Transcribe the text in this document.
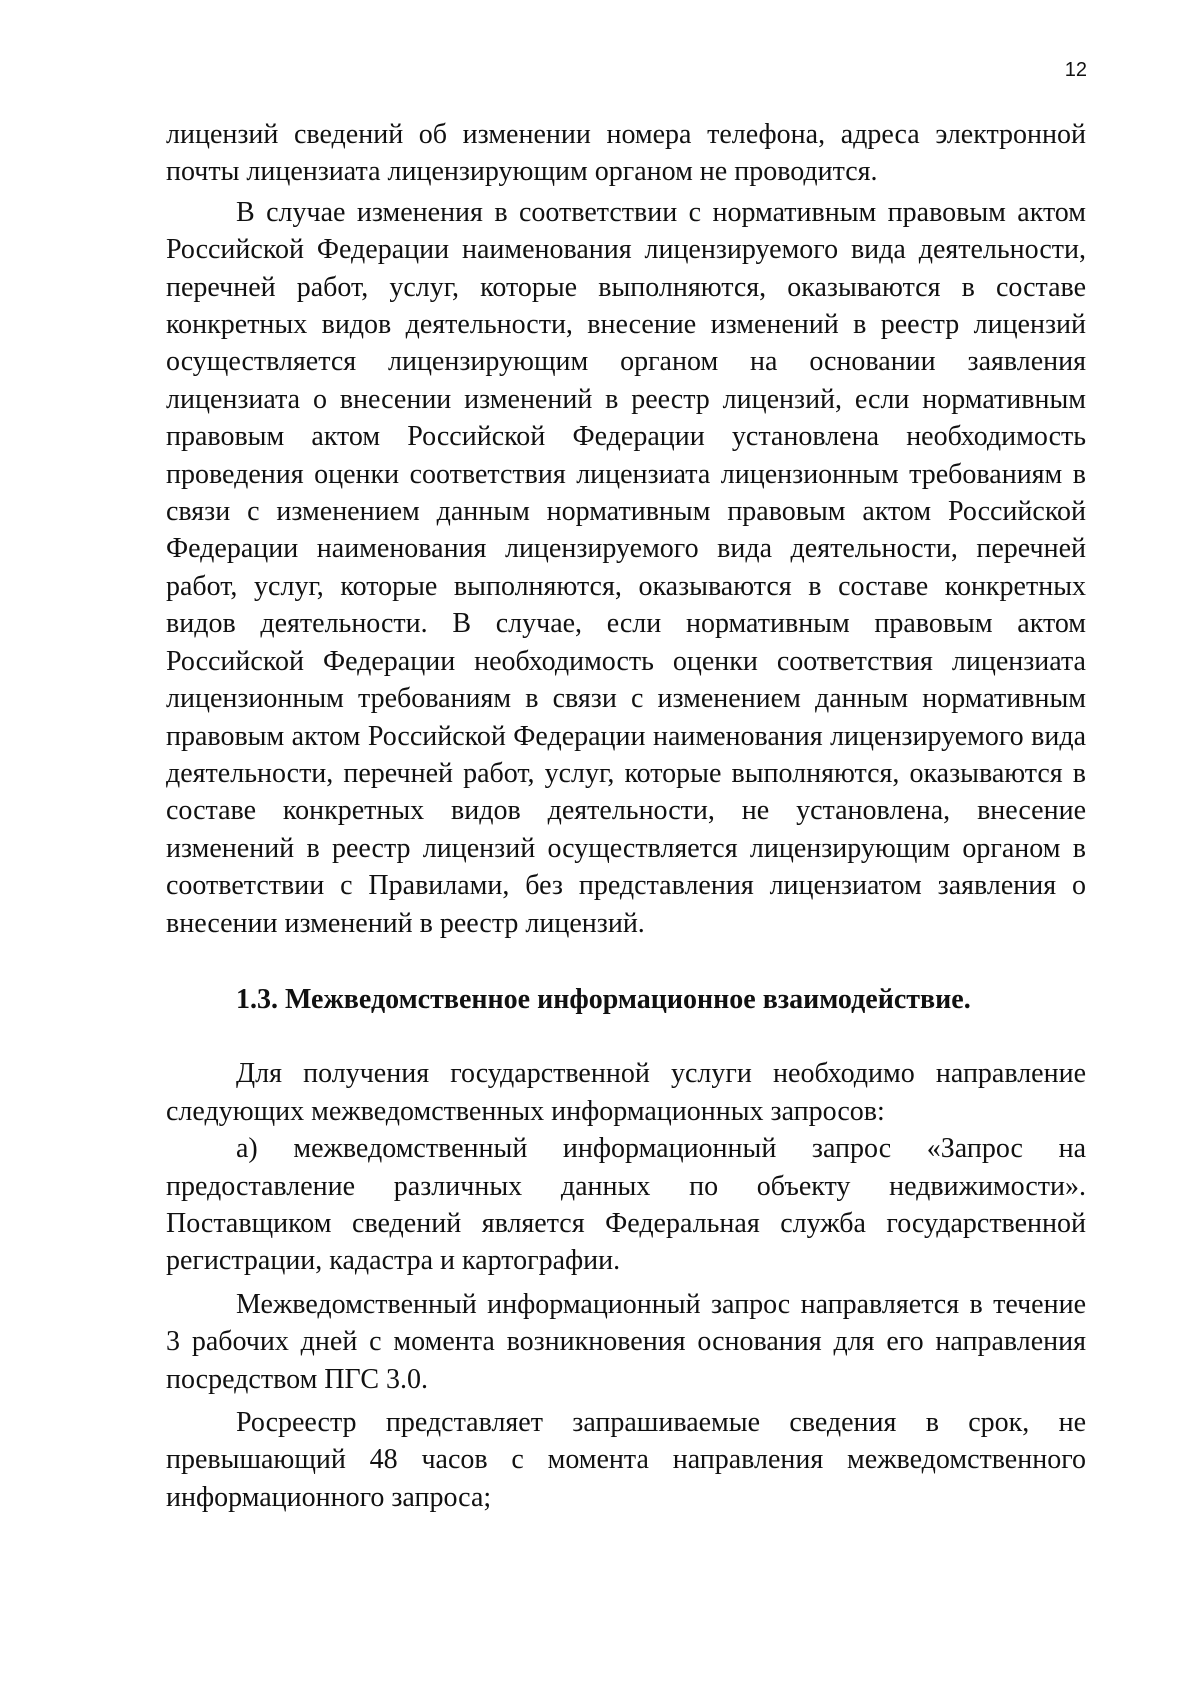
12

лицензий сведений об изменении номера телефона, адреса электронной почты лицензиата лицензирующим органом не проводится.

В случае изменения в соответствии с нормативным правовым актом Российской Федерации наименования лицензируемого вида деятельности, перечней работ, услуг, которые выполняются, оказываются в составе конкретных видов деятельности, внесение изменений в реестр лицензий осуществляется лицензирующим органом на основании заявления лицензиата о внесении изменений в реестр лицензий, если нормативным правовым актом Российской Федерации установлена необходимость проведения оценки соответствия лицензиата лицензионным требованиям в связи с изменением данным нормативным правовым актом Российской Федерации наименования лицензируемого вида деятельности, перечней работ, услуг, которые выполняются, оказываются в составе конкретных видов деятельности. В случае, если нормативным правовым актом Российской Федерации необходимость оценки соответствия лицензиата лицензионным требованиям в связи с изменением данным нормативным правовым актом Российской Федерации наименования лицензируемого вида деятельности, перечней работ, услуг, которые выполняются, оказываются в составе конкретных видов деятельности, не установлена, внесение изменений в реестр лицензий осуществляется лицензирующим органом в соответствии с Правилами, без представления лицензиатом заявления о внесении изменений в реестр лицензий.

1.3. Межведомственное информационное взаимодействие.

Для получения государственной услуги необходимо направление следующих межведомственных информационных запросов:

а) межведомственный информационный запрос «Запрос на предоставление различных данных по объекту недвижимости». Поставщиком сведений является Федеральная служба государственной регистрации, кадастра и картографии.

Межведомственный информационный запрос направляется в течение 3 рабочих дней с момента возникновения основания для его направления посредством ПГС 3.0.

Росреестр представляет запрашиваемые сведения в срок, не превышающий 48 часов с момента направления межведомственного информационного запроса;
